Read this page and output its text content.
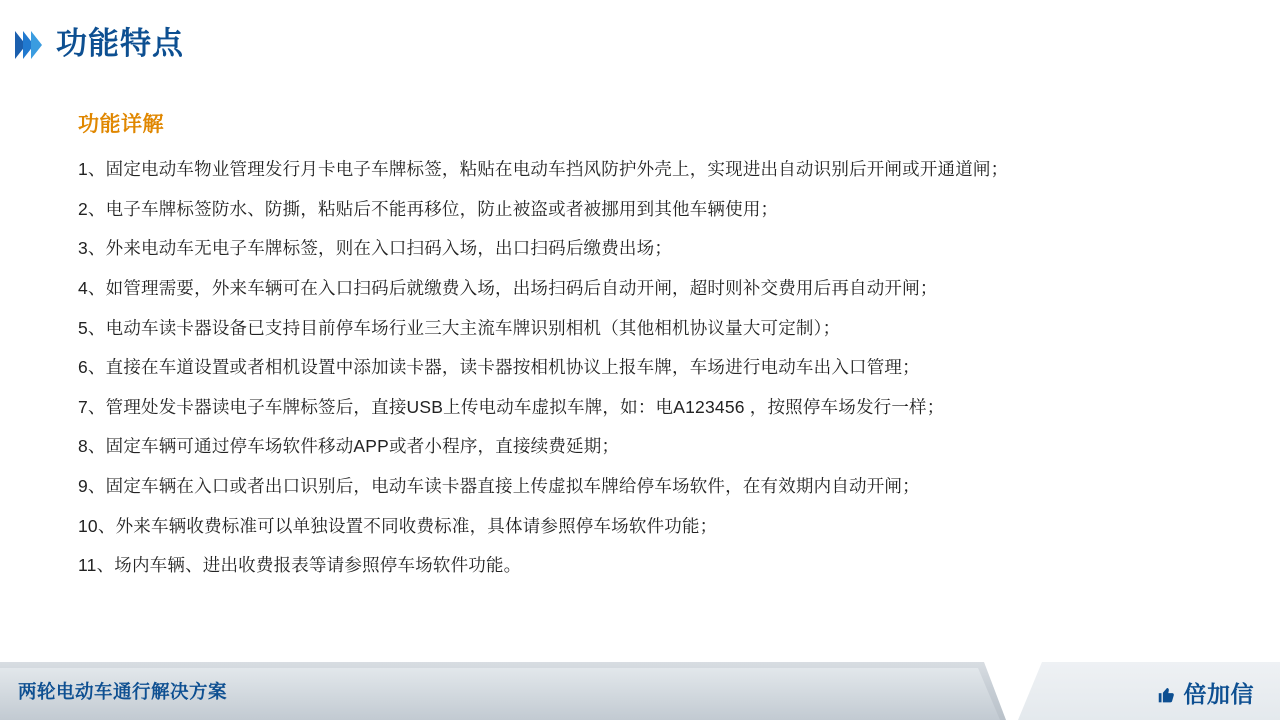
功能特点
功能详解
1、固定电动车物业管理发行月卡电子车牌标签，粘贴在电动车挡风防护外壳上，实现进出自动识别后开闸或开通道闸；
2、电子车牌标签防水、防撕，粘贴后不能再移位，防止被盗或者被挪用到其他车辆使用；
3、外来电动车无电子车牌标签，则在入口扫码入场，出口扫码后缴费出场；
4、如管理需要，外来车辆可在入口扫码后就缴费入场，出场扫码后自动开闸，超时则补交费用后再自动开闸；
5、电动车读卡器设备已支持目前停车场行业三大主流车牌识别相机（其他相机协议量大可定制）；
6、直接在车道设置或者相机设置中添加读卡器，读卡器按相机协议上报车牌，车场进行电动车出入口管理；
7、管理处发卡器读电子车牌标签后，直接USB上传电动车虚拟车牌，如：电A123456 ，按照停车场发行一样；
8、固定车辆可通过停车场软件移动APP或者小程序，直接续费延期；
9、固定车辆在入口或者出口识别后，电动车读卡器直接上传虚拟车牌给停车场软件，在有效期内自动开闸；
10、外来车辆收费标准可以单独设置不同收费标准，具体请参照停车场软件功能；
11、场内车辆、进出收费报表等请参照停车场软件功能。
两轮电动车通行解决方案	倍加信
